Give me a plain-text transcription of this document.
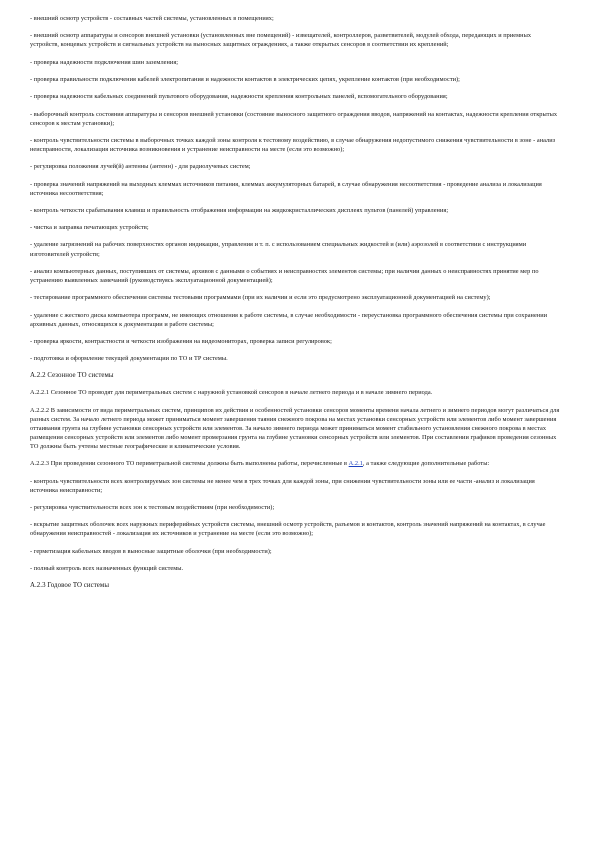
- внешний осмотр устройств - составных частей системы, установленных в помещениях;

- внешний осмотр аппаратуры и сенсоров внешней установки (установленных вне помещений) - извещателей, контроллеров, разветвителей, модулей обхода, передающих и приемных устройств, концевых устройств и сигнальных устройств на выносных защитных ограждениях, а также открытых сенсоров в соответствии их креплений;

- проверка надежности подключения шин заземления;

- проверка правильности подключения кабелей электропитания и надежности контактов в электрических цепях, укрепление контактов (при необходимости);

- проверка надежности кабельных соединений пультового оборудования, надежности крепления контрольных панелей, вспомогательного оборудования;

- выборочный контроль состояния аппаратуры и сенсоров внешней установки (состояние выносного защитного ограждения вводов, напряжений на контактах, надежности крепления открытых сенсоров к местам установки);

- контроль чувствительности системы в выборочных точках каждой зоны контроля к тестовому воздействию, в случае обнаружения недопустимого снижения чувствительности в зоне - анализ неисправности, локализация источника возникновения и устранение неисправности на месте (если это возможно);

- регулировка положения лучей(й) антенны (антенн) - для радиолучевых систем;

- проверка значений напряжений на выходных клеммах источников питания, клеммах аккумуляторных батарей, в случае обнаружения несоответствия - проведение анализа и локализация источника несоответствия;

- контроль четкости срабатывания клавиш и правильность отображения информации на жидкокристаллических дисплеях пультов (панелей) управления;

- чистка и заправка печатающих устройств;

- удаление загрязнений на рабочих поверхностях органов индикации, управления и т. п. с использованием специальных жидкостей и (или) аэрозолей в соответствии с инструкциями изготовителей устройств;

- анализ компьютерных данных, поступивших от системы, архивов с данными о событиях и неисправностях элементов системы; при наличии данных о неисправностях принятие мер по устранению выявленных замечаний (руководствуясь эксплуатационной документацией);

- тестирование программного обеспечения системы тестовыми программами (при их наличии и если это предусмотрено эксплуатационной документацией на систему);

- удаление с жесткого диска компьютера программ, не имеющих отношения к работе системы, в случае необходимости - переустановка программного обеспечения системы при сохранении архивных данных, относящихся к документации и работе системы;

- проверка яркости, контрастности и четкости изображения на видеомониторах, проверка записи регулировок;

- подготовка и оформление текущей документации по ТО и ТР системы.

А.2.2 Сезонное ТО системы

А.2.2.1 Сезонное ТО проводят для периметральных систем с наружной установкой сенсоров в начале летнего периода и в начале зимнего периода.

А.2.2.2 В зависимости от вида периметральных систем, принципов их действия и особенностей установки сенсоров моменты времени начала летнего и зимнего периодов могут различаться для разных систем. За начало летнего периода может приниматься момент завершения таяния снежного покрова на местах установки сенсорных устройств или элементов либо момент завершения оттаивания грунта на глубине установки сенсорных устройств или элементов. За начало зимнего периода может приниматься момент стабильного установления снежного покрова в местах размещения сенсорных устройств или элементов либо момент промерзания грунта на глубине установки сенсорных устройств или элементов. При составлении графиков проведения сезонных ТО должны быть учтены местные географические и климатические условия.

А.2.2.3 При проведении сезонного ТО периметральной системы должны быть выполнены работы, перечисленные в А.2.1, а также следующие дополнительные работы:

- контроль чувствительности всех контролируемых зон системы не менее чем в трех точках для каждой зоны, при снижении чувствительности зоны или ее части -анализ и локализация источника неисправности;

- регулировка чувствительности всех зон к тестовым воздействиям (при необходимости);

- вскрытие защитных оболочек всех наружных периферийных устройств системы, внешний осмотр устройств, разъемов и контактов, контроль значений напряжений на контактах, в случае обнаружения неисправностей - локализация их источников и устранение на месте (если это возможно);

- герметизация кабельных вводов в выносные защитные оболочки (при необходимости);

- полный контроль всех назначенных функций системы.

А.2.3 Годовое ТО системы
